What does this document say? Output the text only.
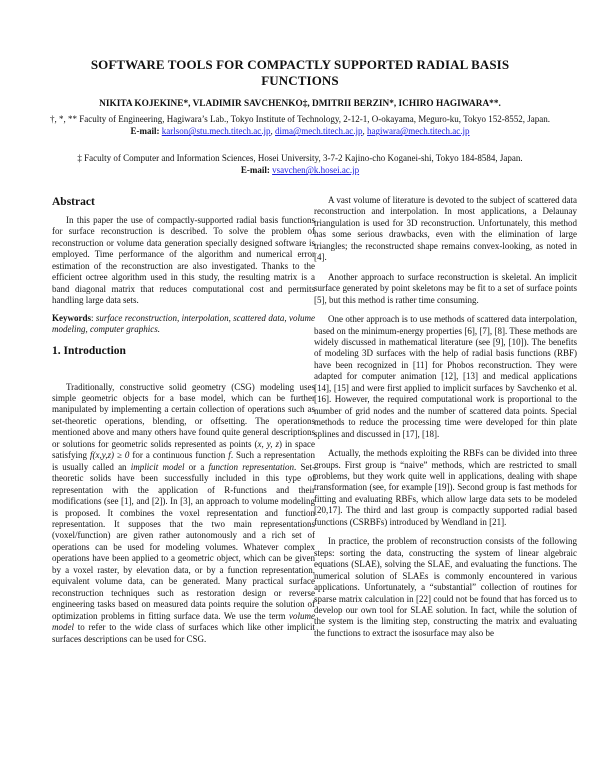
SOFTWARE TOOLS FOR COMPACTLY SUPPORTED RADIAL BASIS FUNCTIONS
NIKITA KOJEKINE*, VLADIMIR SAVCHENKO‡, DMITRII BERZIN*, ICHIRO HAGIWARA**.
†, *, ** Faculty of Engineering, Hagiwara’s Lab., Tokyo Institute of Technology, 2-12-1, O-okayama, Meguro-ku, Tokyo 152-8552, Japan. E-mail: karlson@stu.mech.titech.ac.jp, dima@mech.titech.ac.jp, hagiwara@mech.titech.ac.jp
‡ Faculty of Computer and Information Sciences, Hosei University, 3-7-2 Kajino-cho Koganei-shi, Tokyo 184-8584, Japan.
E-mail: vsavchen@k.hosei.ac.jp
Abstract

In this paper the use of compactly-supported radial basis functions for surface reconstruction is described. To solve the problem of reconstruction or volume data generation specially designed software is employed. Time performance of the algorithm and numerical error estimation of the reconstruction are also investigated. Thanks to the efficient octree algorithm used in this study, the resulting matrix is a band diagonal matrix that reduces computational cost and permits handling large data sets.

Keywords: surface reconstruction, interpolation, scattered data, volume modeling, computer graphics.

1. Introduction

Traditionally, constructive solid geometry (CSG) modeling uses simple geometric objects for a base model, which can be further manipulated by implementing a certain collection of operations such as set-theoretic operations, blending, or offsetting. The operations mentioned above and many others have found quite general descriptions or solutions for geometric solids represented as points (x, y, z) in space satisfying f(x,y,z) ≥ 0 for a continuous function f. Such a representation is usually called an implicit model or a function representation. Set-theoretic solids have been successfully included in this type of representation with the application of R-functions and their modifications (see [1], and [2]). In [3], an approach to volume modeling is proposed. It combines the voxel representation and function representation. It supposes that the two main representations (voxel/function) are given rather autonomously and a rich set of operations can be used for modeling volumes. Whatever complex operations have been applied to a geometric object, which can be given by a voxel raster, by elevation data, or by a function representation, equivalent volume data, can be generated. Many practical surface reconstruction techniques such as restoration design or reverse engineering tasks based on measured data points require the solution of optimization problems in fitting surface data. We use the term volume model to refer to the wide class of surfaces which like other implicit surfaces descriptions can be used for CSG.

A vast volume of literature is devoted to the subject of scattered data reconstruction and interpolation. In most applications, a Delaunay triangulation is used for 3D reconstruction. Unfortunately, this method has some serious drawbacks, even with the elimination of large triangles; the reconstructed shape remains convex-looking, as noted in [4].

Another approach to surface reconstruction is skeletal. An implicit surface generated by point skeletons may be fit to a set of surface points [5], but this method is rather time consuming.

One other approach is to use methods of scattered data interpolation, based on the minimum-energy properties [6], [7], [8]. These methods are widely discussed in mathematical literature (see [9], [10]). The benefits of modeling 3D surfaces with the help of radial basis functions (RBF) have been recognized in [11] for Phobos reconstruction. They were adapted for computer animation [12], [13] and medical applications [14], [15] and were first applied to implicit surfaces by Savchenko et al. [16]. However, the required computational work is proportional to the number of grid nodes and the number of scattered data points. Special methods to reduce the processing time were developed for thin plate splines and discussed in [17], [18].

Actually, the methods exploiting the RBFs can be divided into three groups. First group is “naive” methods, which are restricted to small problems, but they work quite well in applications, dealing with shape transformation (see, for example [19]). Second group is fast methods for fitting and evaluating RBFs, which allow large data sets to be modeled [20,17]. The third and last group is compactly supported radial based functions (CSRBFs) introduced by Wendland in [21].

In practice, the problem of reconstruction consists of the following steps: sorting the data, constructing the system of linear algebraic equations (SLAE), solving the SLAE, and evaluating the functions. The numerical solution of SLAEs is commonly encountered in various applications. Unfortunately, a “substantial” collection of routines for sparse matrix calculation in [22] could not be found that has forced us to develop our own tool for SLAE solution. In fact, while the solution of the system is the limiting step, constructing the matrix and evaluating the functions to extract the isosurface may also be
